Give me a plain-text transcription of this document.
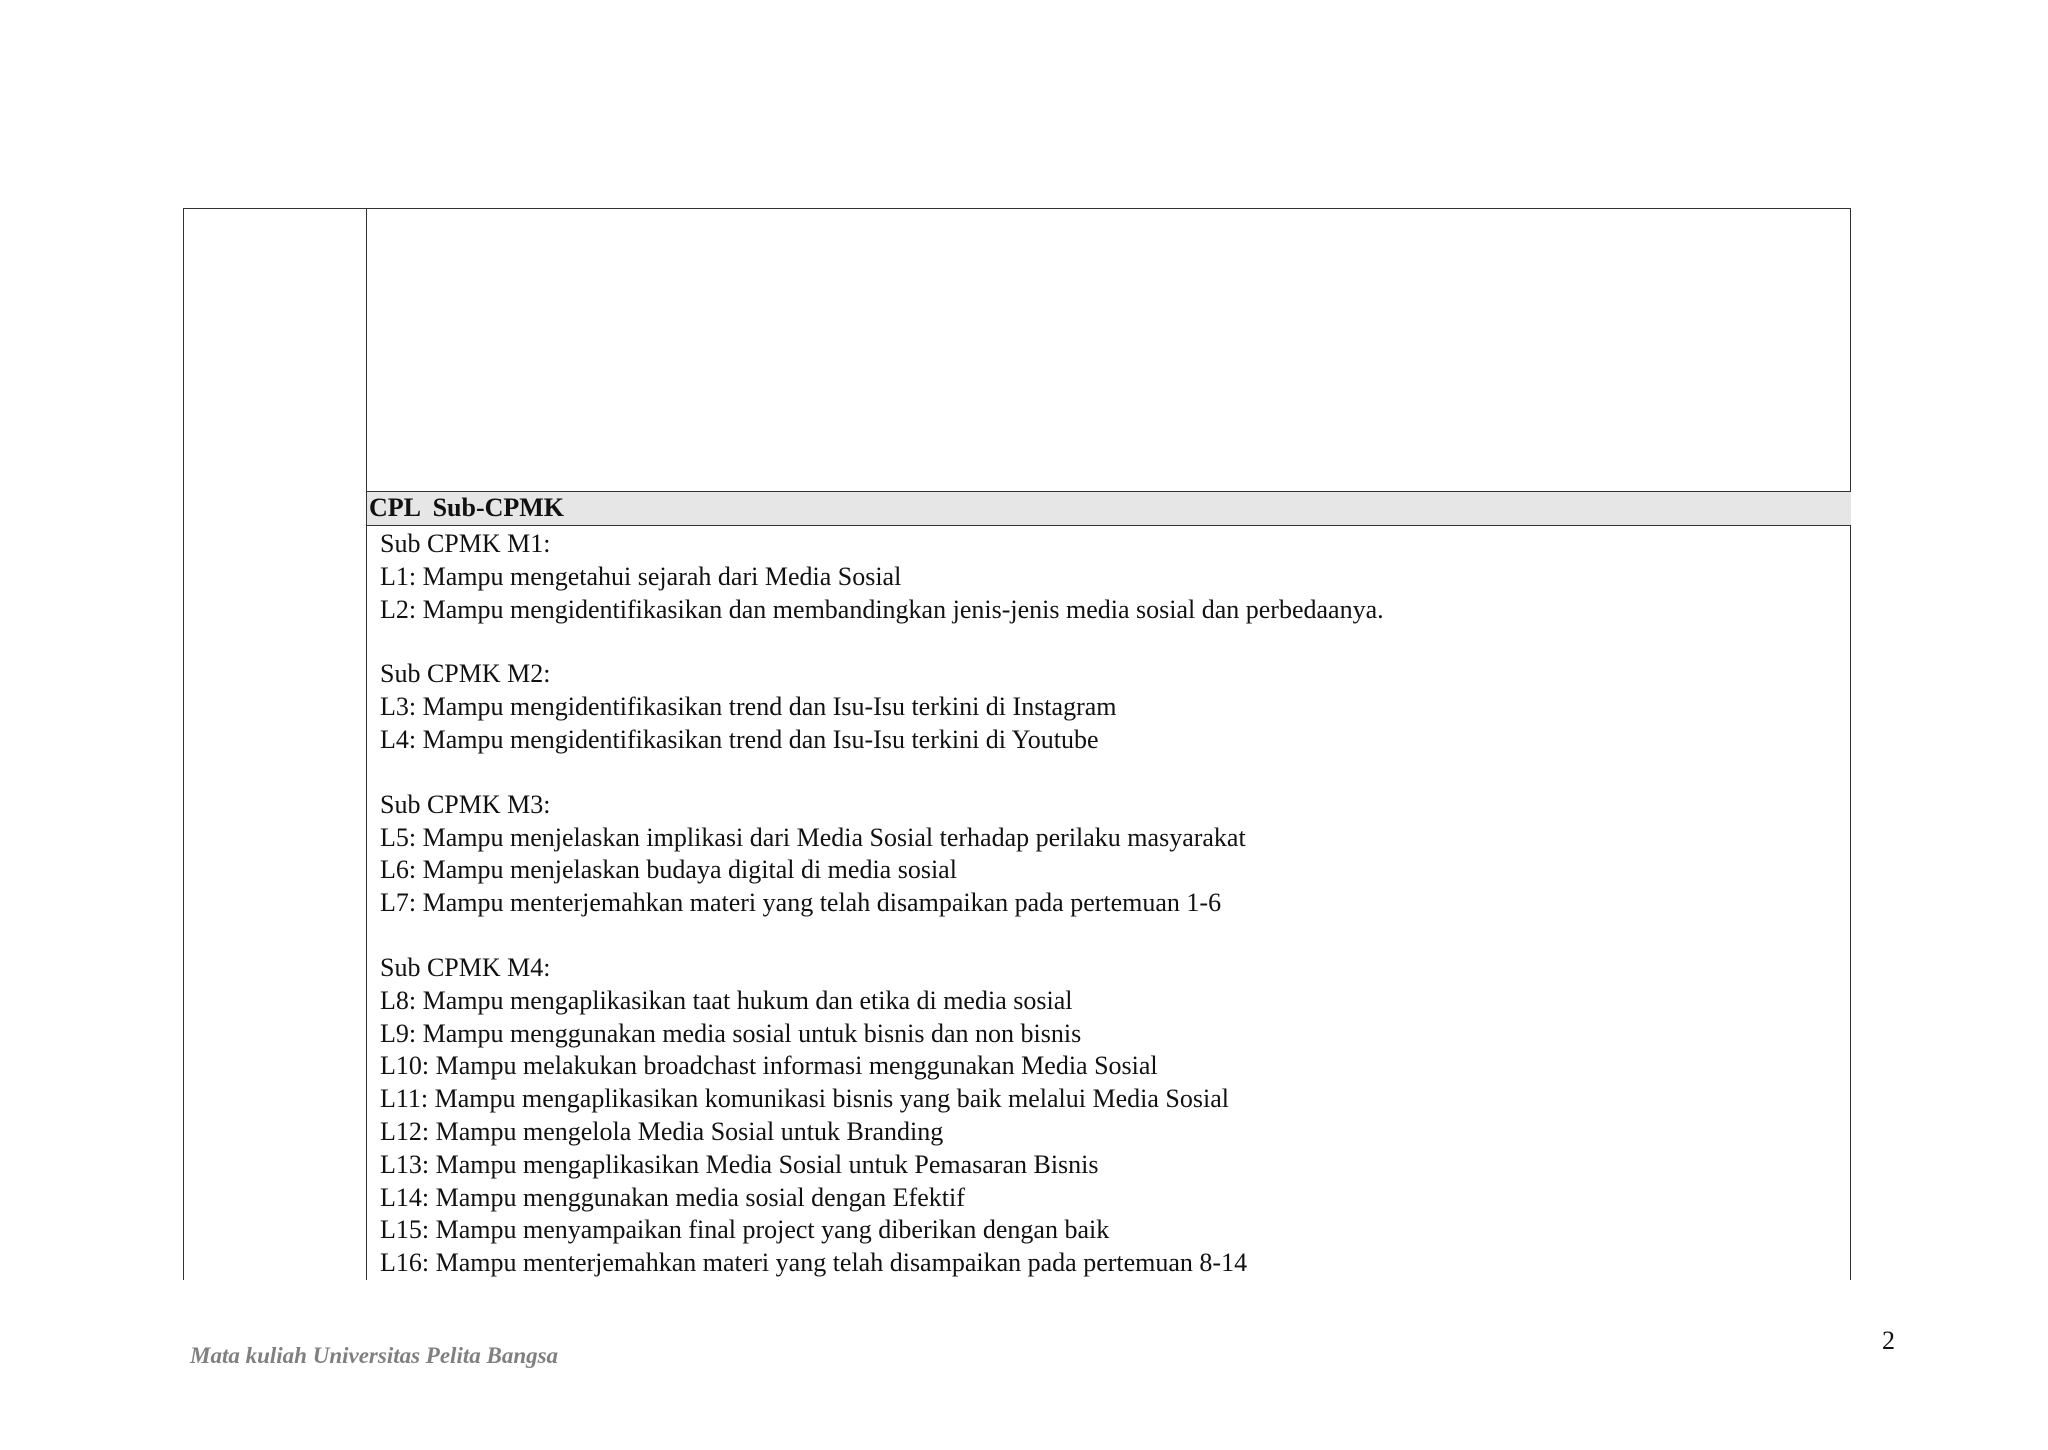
CPL  Sub-CPMK
Sub CPMK M1:
L1: Mampu mengetahui sejarah dari Media Sosial
L2: Mampu mengidentifikasikan dan membandingkan jenis-jenis media sosial dan perbedaanya.
Sub CPMK M2:
L3: Mampu mengidentifikasikan trend dan Isu-Isu terkini di Instagram
L4: Mampu mengidentifikasikan trend dan Isu-Isu terkini di Youtube
Sub CPMK M3:
L5: Mampu menjelaskan implikasi dari Media Sosial terhadap perilaku masyarakat
L6: Mampu menjelaskan budaya digital di media sosial
L7: Mampu menterjemahkan materi yang telah disampaikan pada pertemuan 1-6
Sub CPMK M4:
L8: Mampu mengaplikasikan taat hukum dan etika di media sosial
L9: Mampu menggunakan media sosial untuk bisnis dan non bisnis
L10: Mampu melakukan broadchast informasi menggunakan Media Sosial
L11: Mampu mengaplikasikan komunikasi bisnis yang baik melalui Media Sosial
L12: Mampu mengelola Media Sosial untuk Branding
L13: Mampu mengaplikasikan Media Sosial untuk Pemasaran Bisnis
L14: Mampu menggunakan media sosial dengan Efektif
L15: Mampu menyampaikan final project yang diberikan dengan baik
L16: Mampu menterjemahkan materi yang telah disampaikan pada pertemuan 8-14
Mata kuliah Universitas Pelita Bangsa
2
